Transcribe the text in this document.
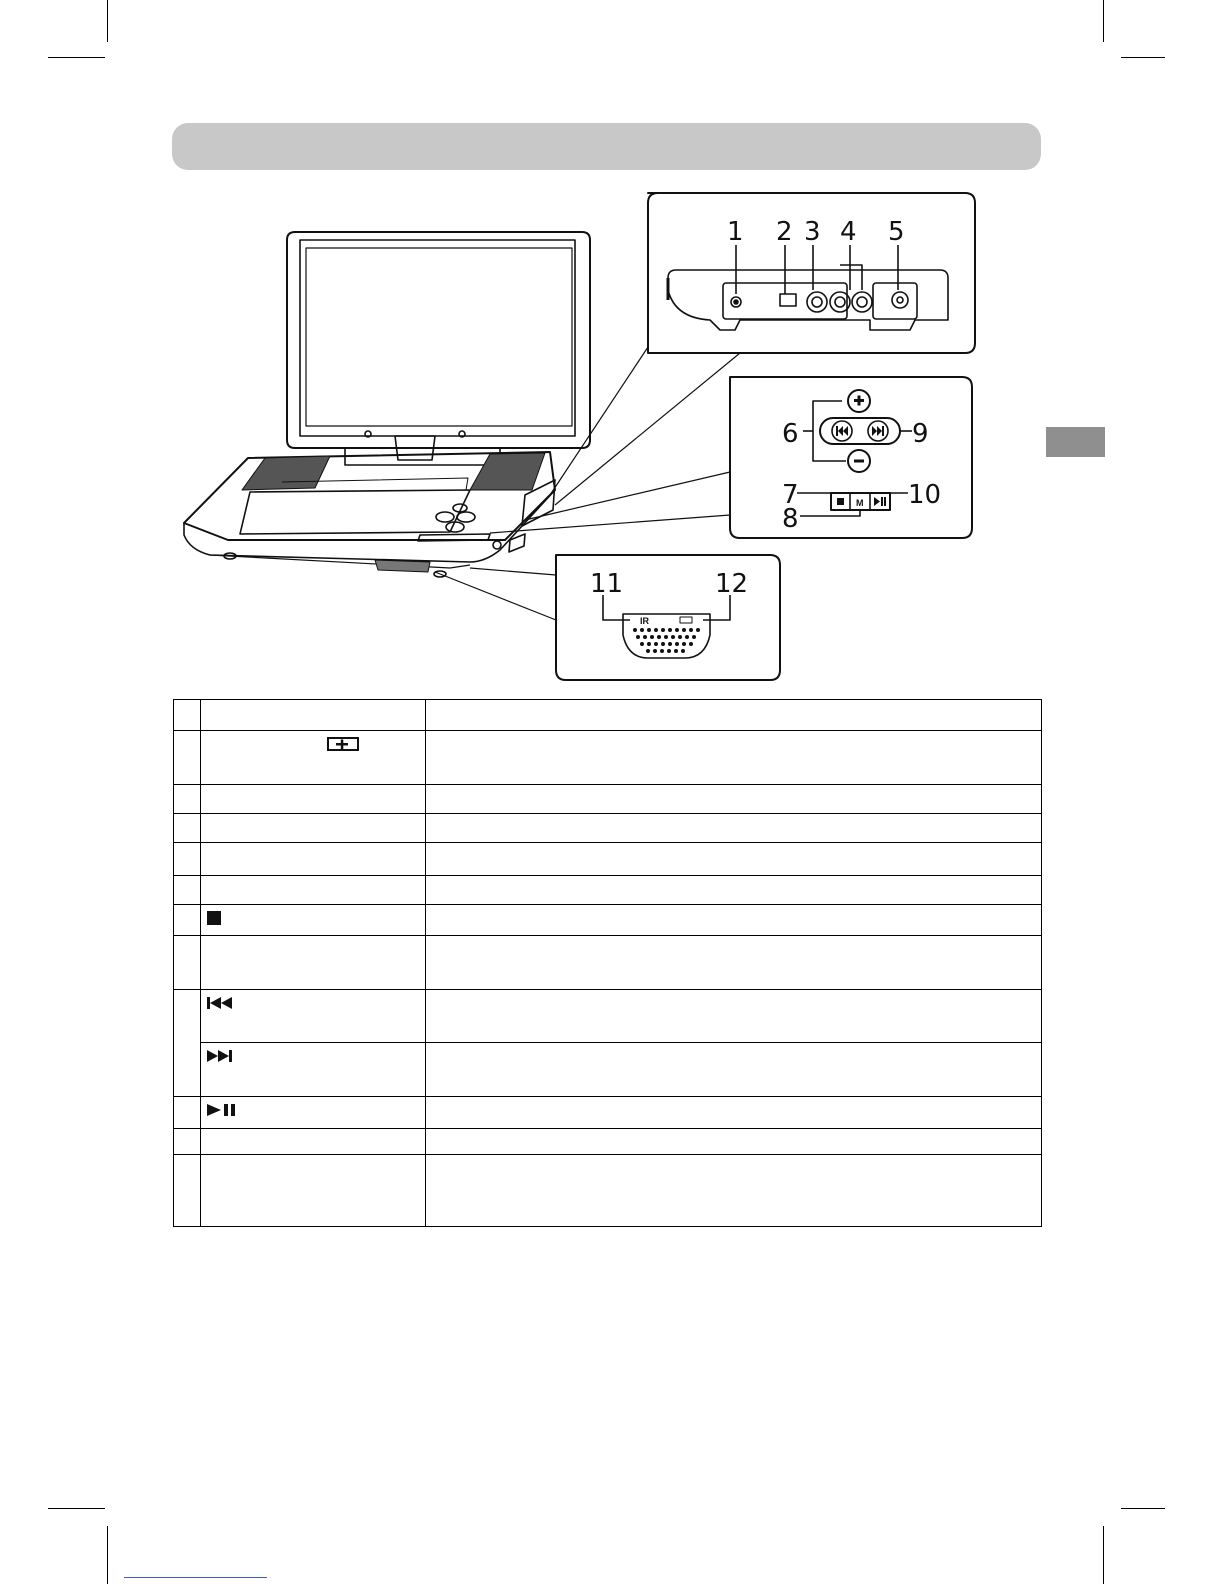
1 2 3 4 5
6
7
8
9
10
11	12
M
IR
